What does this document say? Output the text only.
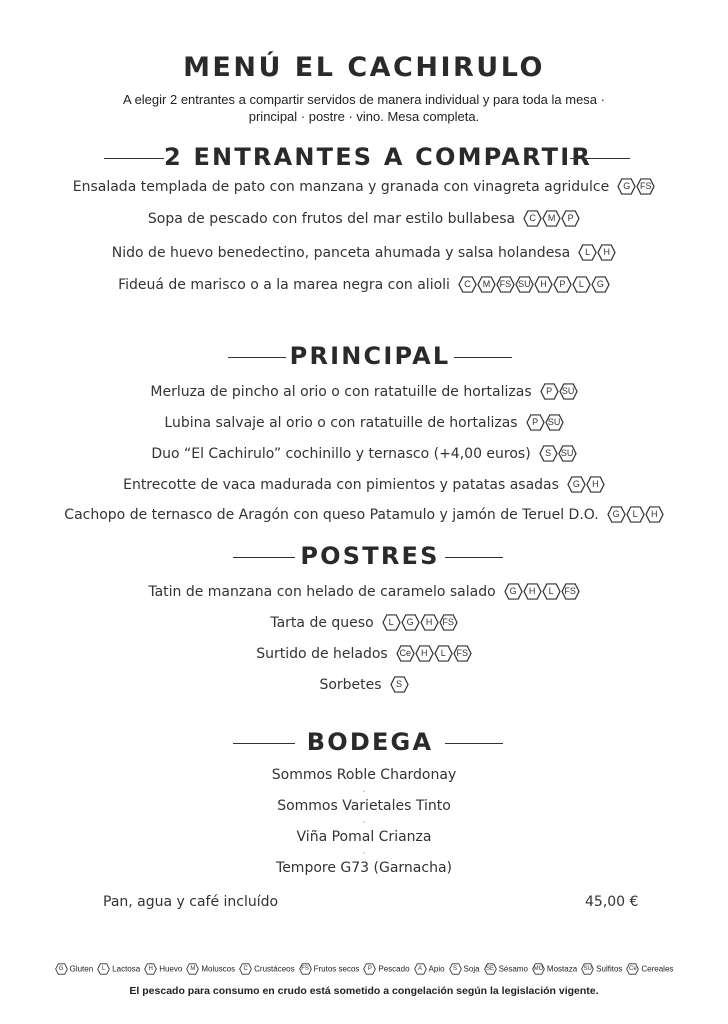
MENÚ EL CACHIRULO
A elegir 2 entrantes a compartir servidos de manera individual y para toda la mesa ·
principal · postre · vino. Mesa completa.
2 ENTRANTES A COMPARTIR
Ensalada templada de pato con manzana y granada con vinagreta agridulce	G	FS
Sopa de pescado con frutos del mar estilo bullabesa	C	M	P
Nido de huevo benedectino, panceta ahumada y salsa holandesa	L	H
Fideuá de marisco o a la marea negra con alioli	C	M	FS SU	H	P	L	G
PRINCIPAL
Merluza de pincho al orio o con ratatuille de hortalizas	P	SU
Lubina salvaje al orio o con ratatuille de hortalizas	P	SU
Duo “El Cachirulo” cochinillo y ternasco (+4,00 euros)	S	SU
Entrecotte de vaca madurada con pimientos y patatas asadas	G	H
Cachopo de ternasco de Aragón con queso Patamulo y jamón de Teruel D.O.	G	L	H
POSTRES
Tatin de manzana con helado de caramelo salado	G	H	L	FS
Tarta de queso	L	G	H	FS
Surtido de helados	Ce	H	L	FS
Sorbetes	S
BODEGA
Sommos Roble Chardonay
·
Sommos Varietales Tinto
·
Viña Pomal Crianza
·
Tempore G73 (Garnacha)
Pan, agua y café incluído	45,00 €
G Gluten	L Lactosa	H Huevo	M Moluscos	C Crustáceos	FS Frutos secos	P Pescado	A Apio	S Soja	SE Sésamo MO Mostaza	SU Sulfitos	Ce Cereales
El pescado para consumo en crudo está sometido a congelación según la legislación vigente.
